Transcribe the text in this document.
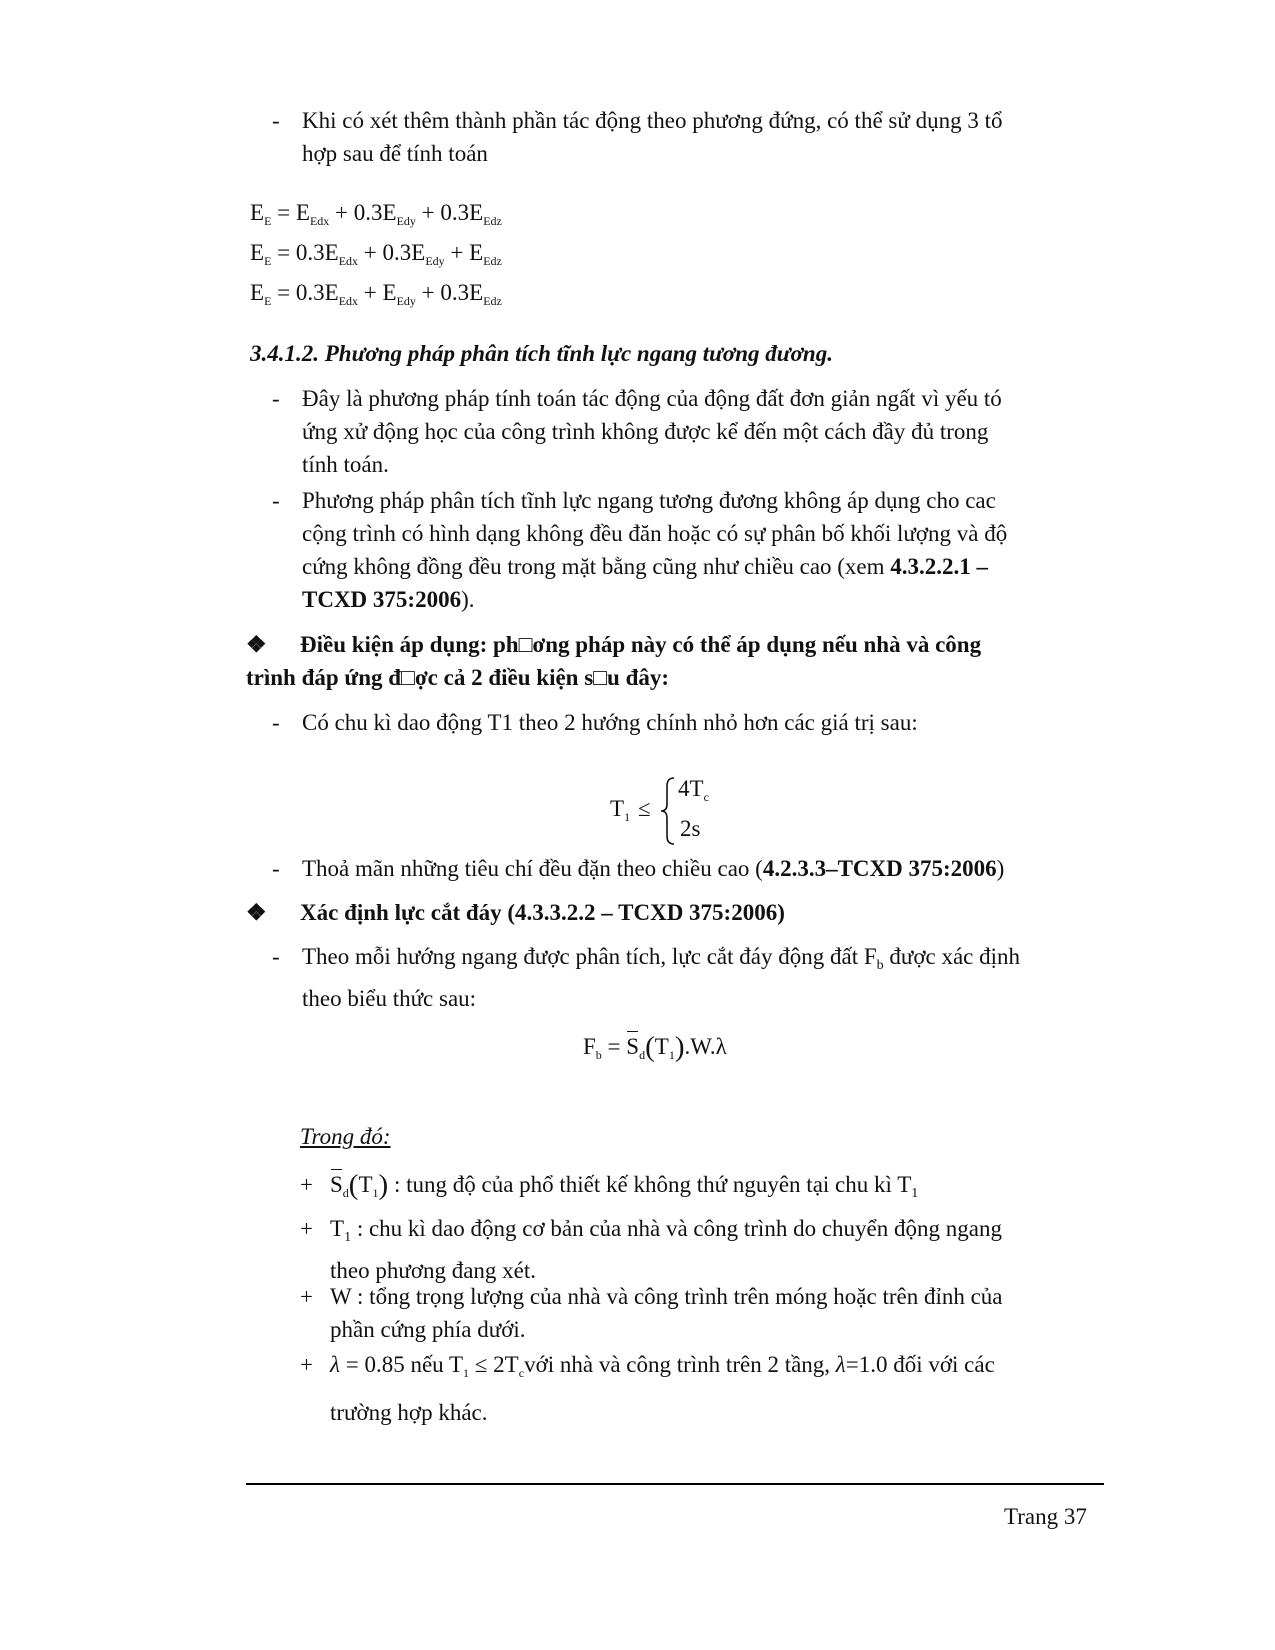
- Khi có xét thêm thành phần tác động theo phương đứng, có thể sử dụng 3 tổ
hợp sau để tính toán
$E_E = E_{Edx} + 0.3E_{Edy} + 0.3E_{Edz}$
$E_E = 0.3E_{Edx} + 0.3E_{Edy} + E_{Edz}$
$E_E = 0.3E_{Edx} + E_{Edy} + 0.3E_{Edz}$
3.4.1.2. Phương pháp phân tích tĩnh lực ngang tương đương.
- Đây là phương pháp tính toán tác động của động đất đơn giản ngất vì yếu tó
ứng xử động học của công trình không được kể đến một cách đầy đủ trong
tính toán.
- Phương pháp phân tích tĩnh lực ngang tương đương không áp dụng cho cac
cộng trình có hình dạng không đều đăn hoặc có sự phân bố khối lượng và độ
cứng không đồng đều trong mặt bằng cũng như chiều cao (xem 4.3.2.2.1 –
TCXD 375:2006).
❖ Điều kiện áp dụng: ph□ơng pháp này có thể áp dụng nếu nhà và công
trình đáp ứng đ□ợc cả 2 điều kiện s□u đây:
- Có chu kì dao động T1 theo 2 hướng chính nhỏ hơn các giá trị sau:
$T_1$ ≤
$4T_c$
2s
- Thoả mãn những tiêu chí đều đặn theo chiều cao (4.2.3.3–TCXD 375:2006)
❖ Xác định lực cắt đáy (4.3.3.2.2 – TCXD 375:2006)
- Theo mỗi hướng ngang được phân tích, lực cắt đáy động đất $F_b$ được xác định
theo biểu thức sau:
$F_b = S_d(T_1).W.\lambda$
Trong đó:
+ $S_d(T_1)$ : tung độ của phổ thiết kế không thứ nguyên tại chu kì $T_1$
+ $T_1$ : chu kì dao động cơ bản của nhà và công trình do chuyển động ngang
theo phương đang xét.
+ W : tổng trọng lượng của nhà và công trình trên móng hoặc trên đỉnh của
phần cứng phía dưới.
+ λ = 0.85 nếu $T_1$ ≤ $2T_cvới$ nhà và công trình trên 2 tầng, λ=1.0 đối với các
trường hợp khác.
Trang 37
